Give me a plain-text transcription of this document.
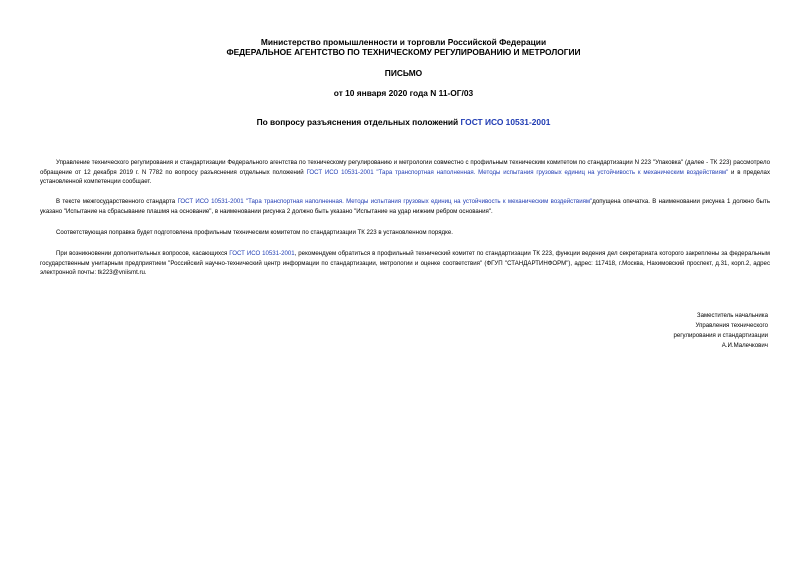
Министерство промышленности и торговли Российской Федерации
ФЕДЕРАЛЬНОЕ АГЕНТСТВО ПО ТЕХНИЧЕСКОМУ РЕГУЛИРОВАНИЮ И МЕТРОЛОГИИ
ПИСЬМО
от 10 января 2020 года N 11-ОГ/03
По вопросу разъяснения отдельных положений ГОСТ ИСО 10531-2001

Управление технического регулирования и стандартизации Федерального агентства по техническому регулированию и метрологии совместно с профильным техническим комитетом по стандартизации N 223 "Упаковка" (далее - ТК 223) рассмотрело обращение от 12 декабря 2019 г. N 7782 по вопросу разъяснения отдельных положений ГОСТ ИСО 10531-2001 "Тара транспортная наполненная. Методы испытания грузовых единиц на устойчивость к механическим воздействиям" и в пределах установленной компетенции сообщает.

В тексте межгосударственного стандарта ГОСТ ИСО 10531-2001 "Тара транспортная наполненная. Методы испытания грузовых единиц на устойчивость к механическим воздействиям"допущена опечатка. В наименовании рисунка 1 должно быть указано "Испытание на сбрасывание плашмя на основание", в наименовании рисунка 2 должно быть указано "Испытание на удар нижним ребром основания".

Соответствующая поправка будет подготовлена профильным техническим комитетом по стандартизации ТК 223 в установленном порядке.

При возникновении дополнительных вопросов, касающихся ГОСТ ИСО 10531-2001, рекомендуем обратиться в профильный технический комитет по стандартизации ТК 223, функции ведения дел секретариата которого закреплены за федеральным государственным унитарным предприятием "Российский научно-технический центр информации по стандартизации, метрологии и оценке соответствия" (ФГУП "СТАНДАРТИНФОРМ"), адрес: 117418, г.Москва, Нахимовский проспект, д.31, корп.2, адрес электронной почты: tk223@vniismt.ru.

Заместитель начальника
Управления технического
регулирования и стандартизации
А.И.Малечкович
